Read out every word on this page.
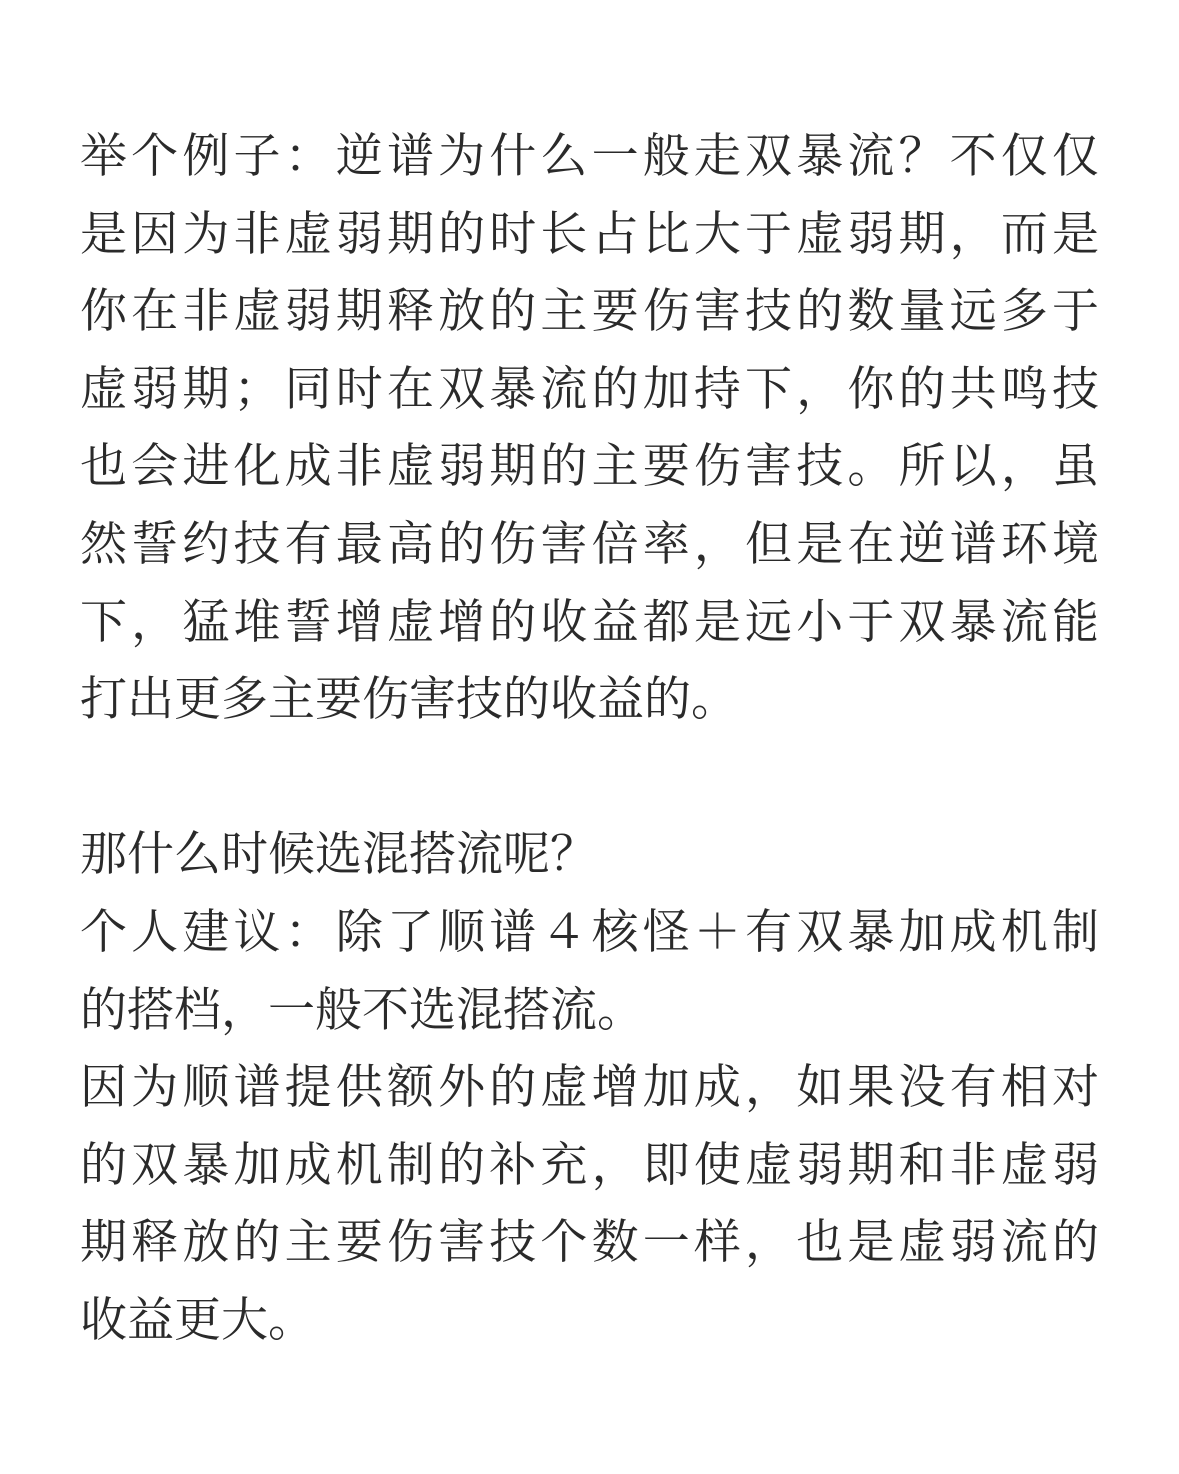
举个例子：逆谱为什么一般走双暴流？不仅仅
是因为非虚弱期的时长占比大于虚弱期，而是
你在非虚弱期释放的主要伤害技的数量远多于
虚弱期；同时在双暴流的加持下，你的共鸣技
也会进化成非虚弱期的主要伤害技。所以，虽
然誓约技有最高的伤害倍率，但是在逆谱环境
下，猛堆誓增虚增的收益都是远小于双暴流能
打出更多主要伤害技的收益的。
那什么时候选混搭流呢？
个人建议：除了顺谱４核怪＋有双暴加成机制
的搭档，一般不选混搭流。
因为顺谱提供额外的虚增加成，如果没有相对
的双暴加成机制的补充，即使虚弱期和非虚弱
期释放的主要伤害技个数一样，也是虚弱流的
收益更大。
